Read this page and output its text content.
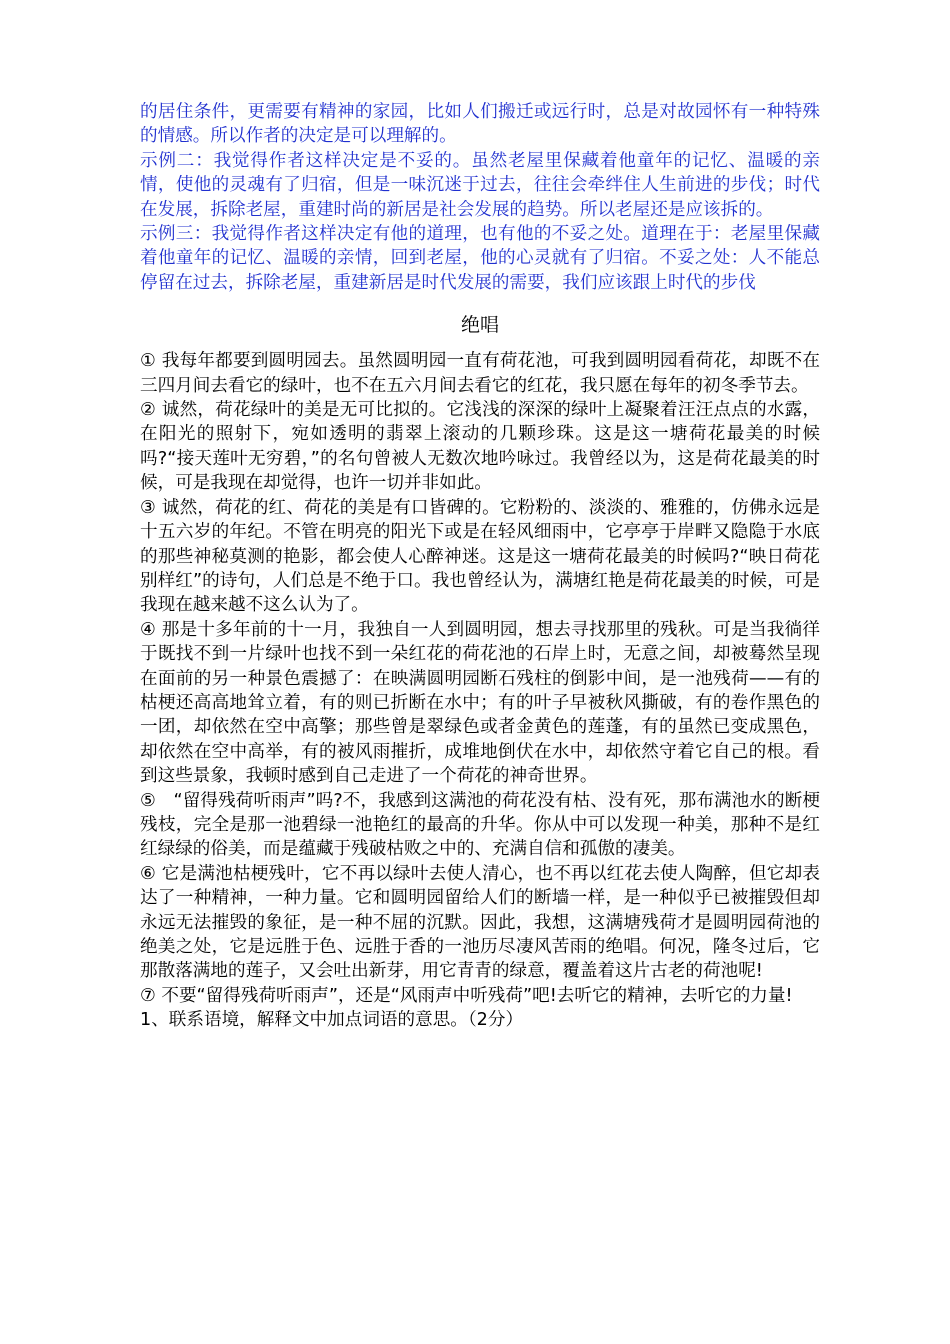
的居住条件，更需要有精神的家园，比如人们搬迁或远行时，总是对故园怀有一种特殊的情感。所以作者的决定是可以理解的。

示例二：我觉得作者这样决定是不妥的。虽然老屋里保藏着他童年的记忆、温暖的亲情，使他的灵魂有了归宿，但是一味沉迷于过去，往往会牵绊住人生前进的步伐；时代在发展，拆除老屋，重建时尚的新居是社会发展的趋势。所以老屋还是应该拆的。

示例三：我觉得作者这样决定有他的道理，也有他的不妥之处。道理在于：老屋里保藏着他童年的记忆、温暖的亲情，回到老屋，他的心灵就有了归宿。不妥之处：人不能总停留在过去，拆除老屋，重建新居是时代发展的需要，我们应该跟上时代的步伐

绝唱

① 我每年都要到圆明园去。虽然圆明园一直有荷花池，可我到圆明园看荷花，却既不在三四月间去看它的绿叶，也不在五六月间去看它的红花，我只愿在每年的初冬季节去。

② 诚然，荷花绿叶的美是无可比拟的。它浅浅的深深的绿叶上凝聚着汪汪点点的水露，在阳光的照射下，宛如透明的翡翠上滚动的几颗珍珠。这是这一塘荷花最美的时候吗?“接天莲叶无穷碧，”的名句曾被人无数次地吟咏过。我曾经以为，这是荷花最美的时候，可是我现在却觉得，也许一切并非如此。

③ 诚然，荷花的红、荷花的美是有口皆碑的。它粉粉的、淡淡的、雅雅的，仿佛永远是十五六岁的年纪。不管在明亮的阳光下或是在轻风细雨中，它亭亭于岸畔又隐隐于水底的那些神秘莫测的艳影，都会使人心醉神迷。这是这一塘荷花最美的时候吗?“映日荷花别样红”的诗句，人们总是不绝于口。我也曾经认为，满塘红艳是荷花最美的时候，可是我现在越来越不这么认为了。

④ 那是十多年前的十一月，我独自一人到圆明园，想去寻找那里的残秋。可是当我徜徉于既找不到一片绿叶也找不到一朵红花的荷花池的石岸上时，无意之间，却被蓦然呈现在面前的另一种景色震撼了：在映满圆明园断石残柱的倒影中间，是一池残荷——有的枯梗还高高地耸立着，有的则已折断在水中；有的叶子早被秋风撕破，有的卷作黑色的一团，却依然在空中高擎；那些曾是翠绿色或者金黄色的莲蓬，有的虽然已变成黑色，却依然在空中高举，有的被风雨摧折，成堆地倒伏在水中，却依然守着它自己的根。看到这些景象，我顿时感到自己走进了一个荷花的神奇世界。

⑤　“留得残荷听雨声”吗?不，我感到这满池的荷花没有枯、没有死，那布满池水的断梗残枝，完全是那一池碧绿一池艳红的最高的升华。你从中可以发现一种美，那种不是红红绿绿的俗美，而是蕴藏于残破枯败之中的、充满自信和孤傲的凄美。

⑥ 它是满池枯梗残叶，它不再以绿叶去使人清心，也不再以红花去使人陶醉，但它却表达了一种精神，一种力量。它和圆明园留给人们的断墙一样，是一种似乎已被摧毁但却永远无法摧毁的象征，是一种不屈的沉默。因此，我想，这满塘残荷才是圆明园荷池的绝美之处，它是远胜于色、远胜于香的一池历尽凄风苦雨的绝唱。何况，隆冬过后，它那散落满地的莲子，又会吐出新芽，用它青青的绿意，覆盖着这片古老的荷池呢!

⑦ 不要“留得残荷听雨声”，还是“风雨声中听残荷”吧!去听它的精神，去听它的力量!

1、联系语境，解释文中加点词语的意思。（2分）
